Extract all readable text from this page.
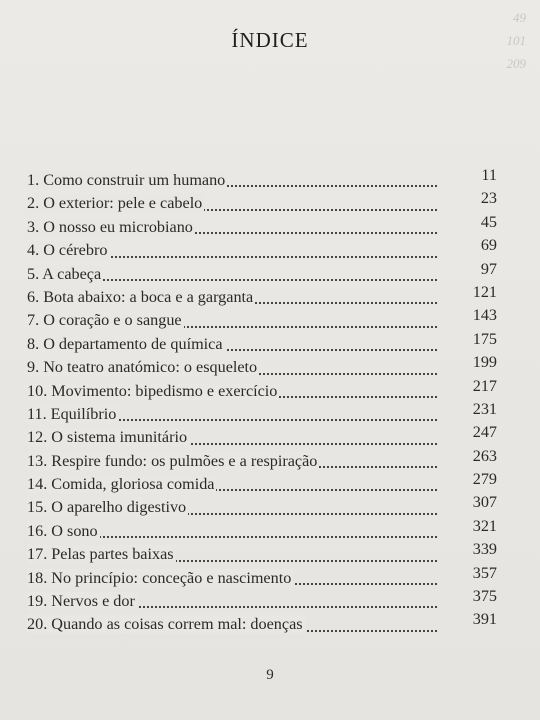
49
101
209
ÍNDICE
1. Como construir um humano	11
2. O exterior: pele e cabelo	23
3. O nosso eu microbiano	45
4. O cérebro	69
5. A cabeça	97
6. Bota abaixo: a boca e a garganta	121
7. O coração e o sangue	143
8. O departamento de química	175
9. No teatro anatómico: o esqueleto	199
10. Movimento: bipedismo e exercício	217
11. Equilíbrio	231
12. O sistema imunitário	247
13. Respire fundo: os pulmões e a respiração	263
14. Comida, gloriosa comida	279
15. O aparelho digestivo	307
16. O sono	321
17. Pelas partes baixas	339
18. No princípio: conceção e nascimento	357
19. Nervos e dor	375
20. Quando as coisas correm mal: doenças	391
9
